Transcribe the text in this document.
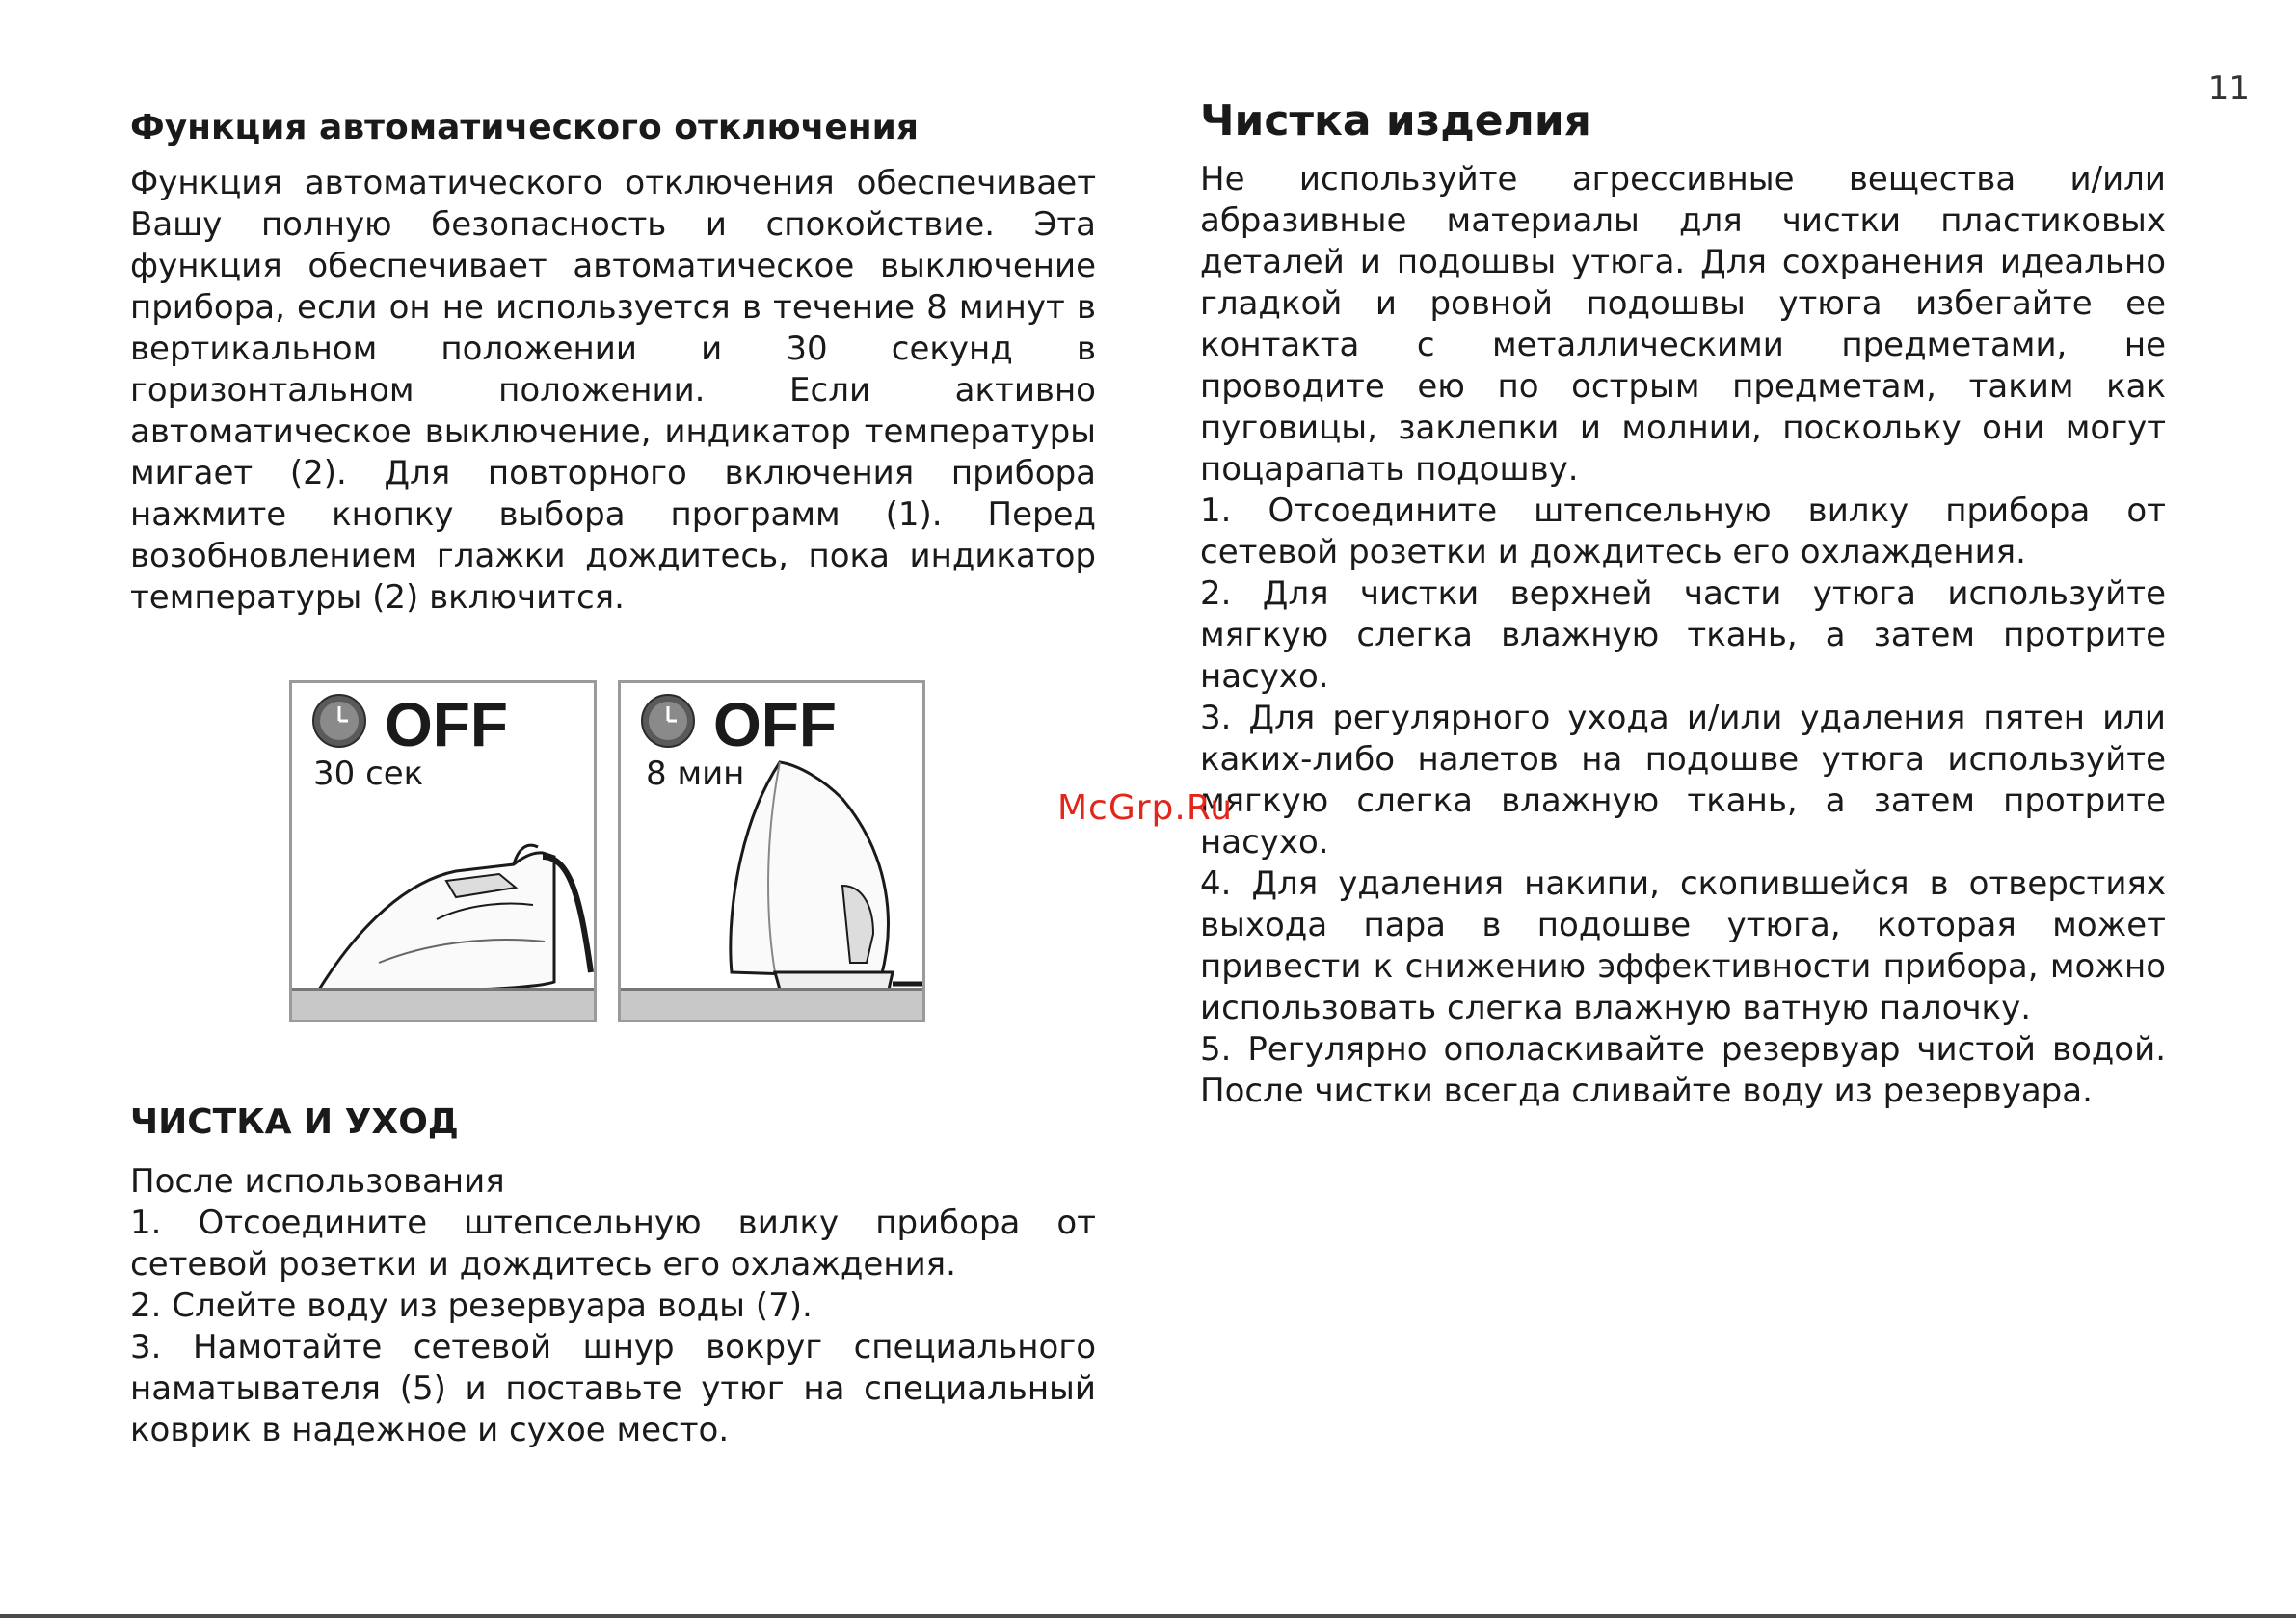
11
Функция автоматического отключения

Функция автоматического отключения обеспечивает Вашу полную безопасность и спокойствие. Эта функция обеспечивает автоматическое выключение прибора, если он не используется в течение 8 минут в вертикальном положении и 30 секунд в горизонтальном положении. Если активно автоматическое выключение, индикатор температуры мигает (2). Для повторного включения прибора нажмите кнопку выбора программ (1). Перед возобновлением глажки дождитесь, пока индикатор температуры (2) включится.

OFF
30 сек
OFF
8 мин
ЧИСТКА И УХОД

После использования

1. Отсоедините штепсельную вилку прибора от сетевой розетки и дождитесь его охлаждения.

2. Слейте воду из резервуара воды (7).

3. Намотайте сетевой шнур вокруг специального наматывателя (5) и поставьте утюг на специальный коврик в надежное и сухое место.

Чистка изделия

Не используйте агрессивные вещества и/или абразивные материалы для чистки пластиковых деталей и подошвы утюга. Для сохранения идеально гладкой и ровной подошвы утюга избегайте ее контакта с металлическими предметами, не проводите ею по острым предметам, таким как пуговицы, заклепки и молнии, поскольку они могут поцарапать подошву.

1. Отсоедините штепсельную вилку прибора от сетевой розетки и дождитесь его охлаждения.

2. Для чистки верхней части утюга используйте мягкую слегка влажную ткань, а затем протрите насухо.

3. Для регулярного ухода и/или удаления пятен или каких-либо налетов на подошве утюга используйте мягкую слегка влажную ткань, а затем протрите насухо.

4. Для удаления накипи, скопившейся в отверстиях выхода пара в подошве утюга, которая может привести к снижению эффективности прибора, можно использовать слегка влажную ватную палочку.

5. Регулярно ополаскивайте резервуар чистой водой. После чистки всегда сливайте воду из резервуара.

McGrp.Ru
